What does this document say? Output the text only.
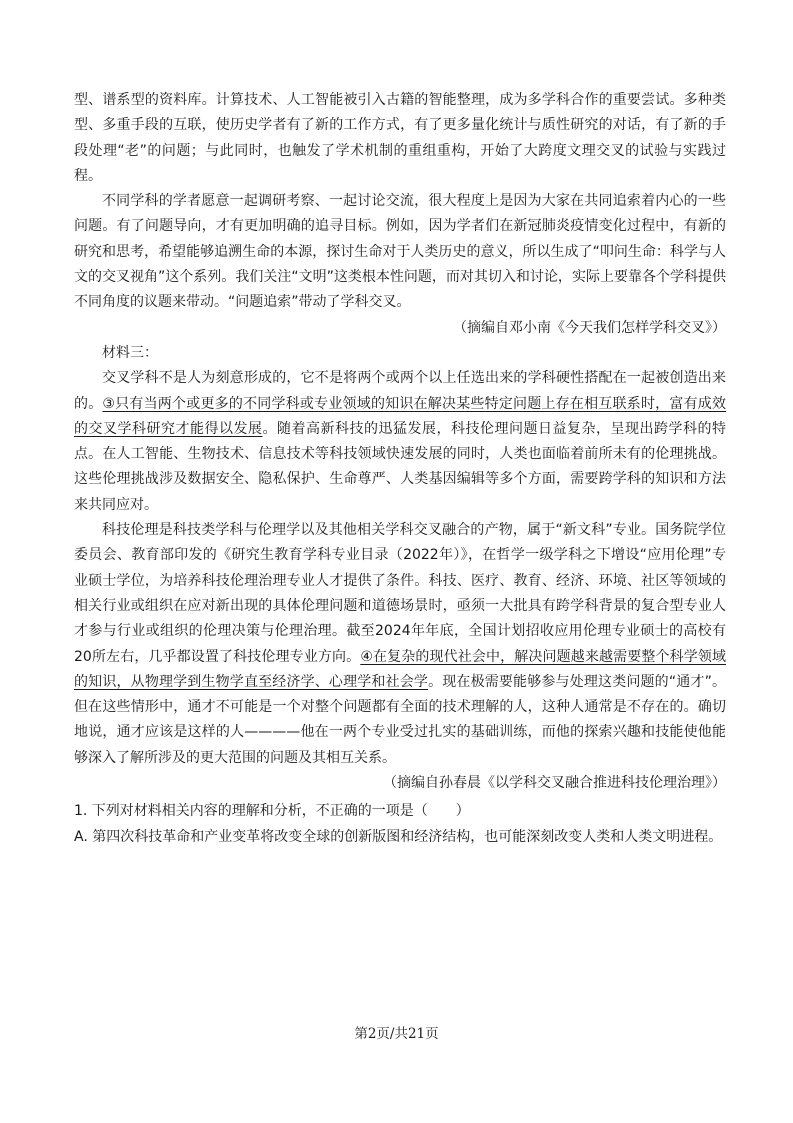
型、谱系型的资料库。计算技术、人工智能被引入古籍的智能整理，成为多学科合作的重要尝试。多种类型、多重手段的互联，使历史学者有了新的工作方式，有了更多量化统计与质性研究的对话，有了新的手段处理“老”的问题；与此同时，也触发了学术机制的重组重构，开始了大跨度文理交叉的试验与实践过程。

不同学科的学者愿意一起调研考察、一起讨论交流，很大程度上是因为大家在共同追索着内心的一些问题。有了问题导向，才有更加明确的追寻目标。例如，因为学者们在新冠肺炎疫情变化过程中，有新的研究和思考，希望能够追溯生命的本源，探讨生命对于人类历史的意义，所以生成了“叩问生命：科学与人文的交叉视角”这个系列。我们关注“文明”这类根本性问题，而对其切入和讨论，实际上要靠各个学科提供不同角度的议题来带动。“问题追索”带动了学科交叉。

（摘编自邓小南《今天我们怎样学科交叉》）

材料三：

交叉学科不是人为刻意形成的，它不是将两个或两个以上任选出来的学科硬性搭配在一起被创造出来的。③只有当两个或更多的不同学科或专业领域的知识在解决某些特定问题上存在相互联系时，富有成效的交叉学科研究才能得以发展。随着高新科技的迅猛发展，科技伦理问题日益复杂，呈现出跨学科的特点。在人工智能、生物技术、信息技术等科技领域快速发展的同时，人类也面临着前所未有的伦理挑战。这些伦理挑战涉及数据安全、隐私保护、生命尊严、人类基因编辑等多个方面，需要跨学科的知识和方法来共同应对。

科技伦理是科技类学科与伦理学以及其他相关学科交叉融合的产物，属于“新文科”专业。国务院学位委员会、教育部印发的《研究生教育学科专业目录（2022年）》，在哲学一级学科之下增设“应用伦理”专业硕士学位，为培养科技伦理治理专业人才提供了条件。科技、医疗、教育、经济、环境、社区等领域的相关行业或组织在应对新出现的具体伦理问题和道德场景时，亟须一大批具有跨学科背景的复合型专业人才参与行业或组织的伦理决策与伦理治理。截至2024年年底，全国计划招收应用伦理专业硕士的高校有20所左右，几乎都设置了科技伦理专业方向。④在复杂的现代社会中，解决问题越来越需要整个科学领域的知识，从物理学到生物学直至经济学、心理学和社会学。现在极需要能够参与处理这类问题的“通才”。但在这些情形中，通才不可能是一个对整个问题都有全面的技术理解的人，这种人通常是不存在的。确切地说，通才应该是这样的人————他在一两个专业受过扎实的基础训练，而他的探索兴趣和技能使他能够深入了解所涉及的更大范围的问题及其相互关系。

（摘编自孙春晨《以学科交叉融合推进科技伦理治理》）

1. 下列对材料相关内容的理解和分析，不正确的一项是（　　）

A. 第四次科技革命和产业变革将改变全球的创新版图和经济结构，也可能深刻改变人类和人类文明进程。

第2页/共21页
